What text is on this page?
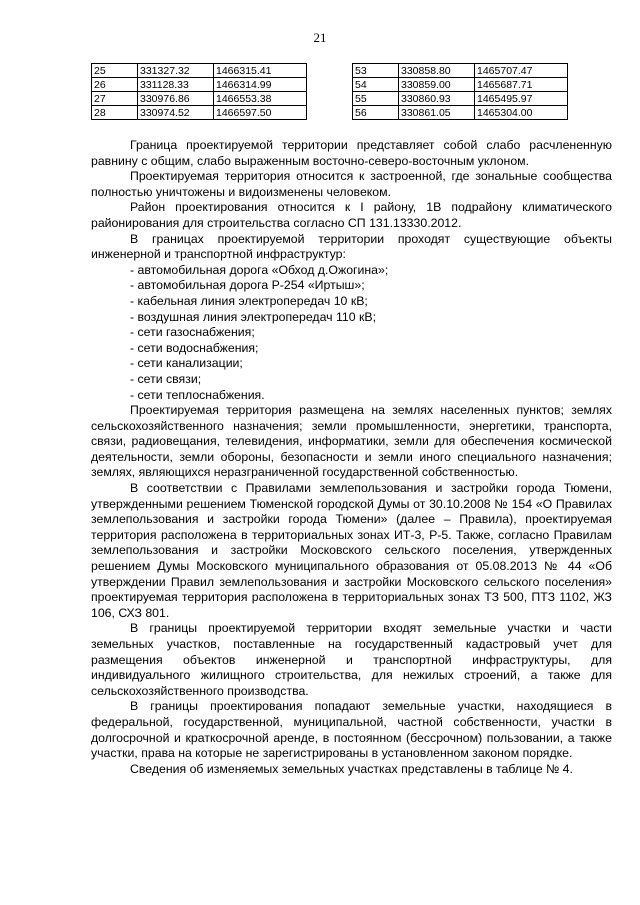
21
25	331327.32	1466315.41
26	331128.33	1466314.99
27	330976.86	1466553.38
28	330974.52	1466597.50
53	330858.80	1465707.47
54	330859.00	1465687.71
55	330860.93	1465495.97
56	330861.05	1465304.00

Граница проектируемой территории представляет собой слабо расчлененную равнину с общим, слабо выраженным восточно-северо-восточным уклоном.

Проектируемая территория относится к застроенной, где зональные сообщества полностью уничтожены и видоизменены человеком.

Район проектирования относится к I району, 1В подрайону климатического районирования для строительства согласно СП 131.13330.2012.

В границах проектируемой территории проходят существующие объекты инженерной и транспортной инфраструктур:

- автомобильная дорога «Обход д.Ожогина»;

- автомобильная дорога Р-254 «Иртыш»;

- кабельная линия электропередач 10 кВ;

- воздушная линия электропередач 110 кВ;

- сети газоснабжения;

- сети водоснабжения;

- сети канализации;

- сети связи;

- сети теплоснабжения.

Проектируемая территория размещена на землях населенных пунктов; землях сельскохозяйственного назначения; земли промышленности, энергетики, транспорта, связи, радиовещания, телевидения, информатики, земли для обеспечения космической деятельности, земли обороны, безопасности и земли иного специального назначения; землях, являющихся неразграниченной государственной собственностью.

В соответствии с Правилами землепользования и застройки города Тюмени, утвержденными решением Тюменской городской Думы от 30.10.2008 № 154 «О Правилах землепользования и застройки города Тюмени» (далее – Правила), проектируемая территория расположена в территориальных зонах ИТ-3, Р-5. Также, согласно Правилам землепользования и застройки Московского сельского поселения, утвержденных решением Думы Московского муниципального образования от 05.08.2013 № 44 «Об утверждении Правил землепользования и застройки Московского сельского поселения» проектируемая территория расположена в территориальных зонах ТЗ 500, ПТЗ 1102, ЖЗ 106, СХЗ 801.

В границы проектируемой территории входят земельные участки и части земельных участков, поставленные на государственный кадастровый учет для размещения объектов инженерной и транспортной инфраструктуры, для индивидуального жилищного строительства, для нежилых строений, а также для сельскохозяйственного производства.

В границы проектирования попадают земельные участки, находящиеся в федеральной, государственной, муниципальной, частной собственности, участки в долгосрочной и краткосрочной аренде, в постоянном (бессрочном) пользовании, а также участки, права на которые не зарегистрированы в установленном законом порядке.

Сведения об изменяемых земельных участках представлены в таблице № 4.
